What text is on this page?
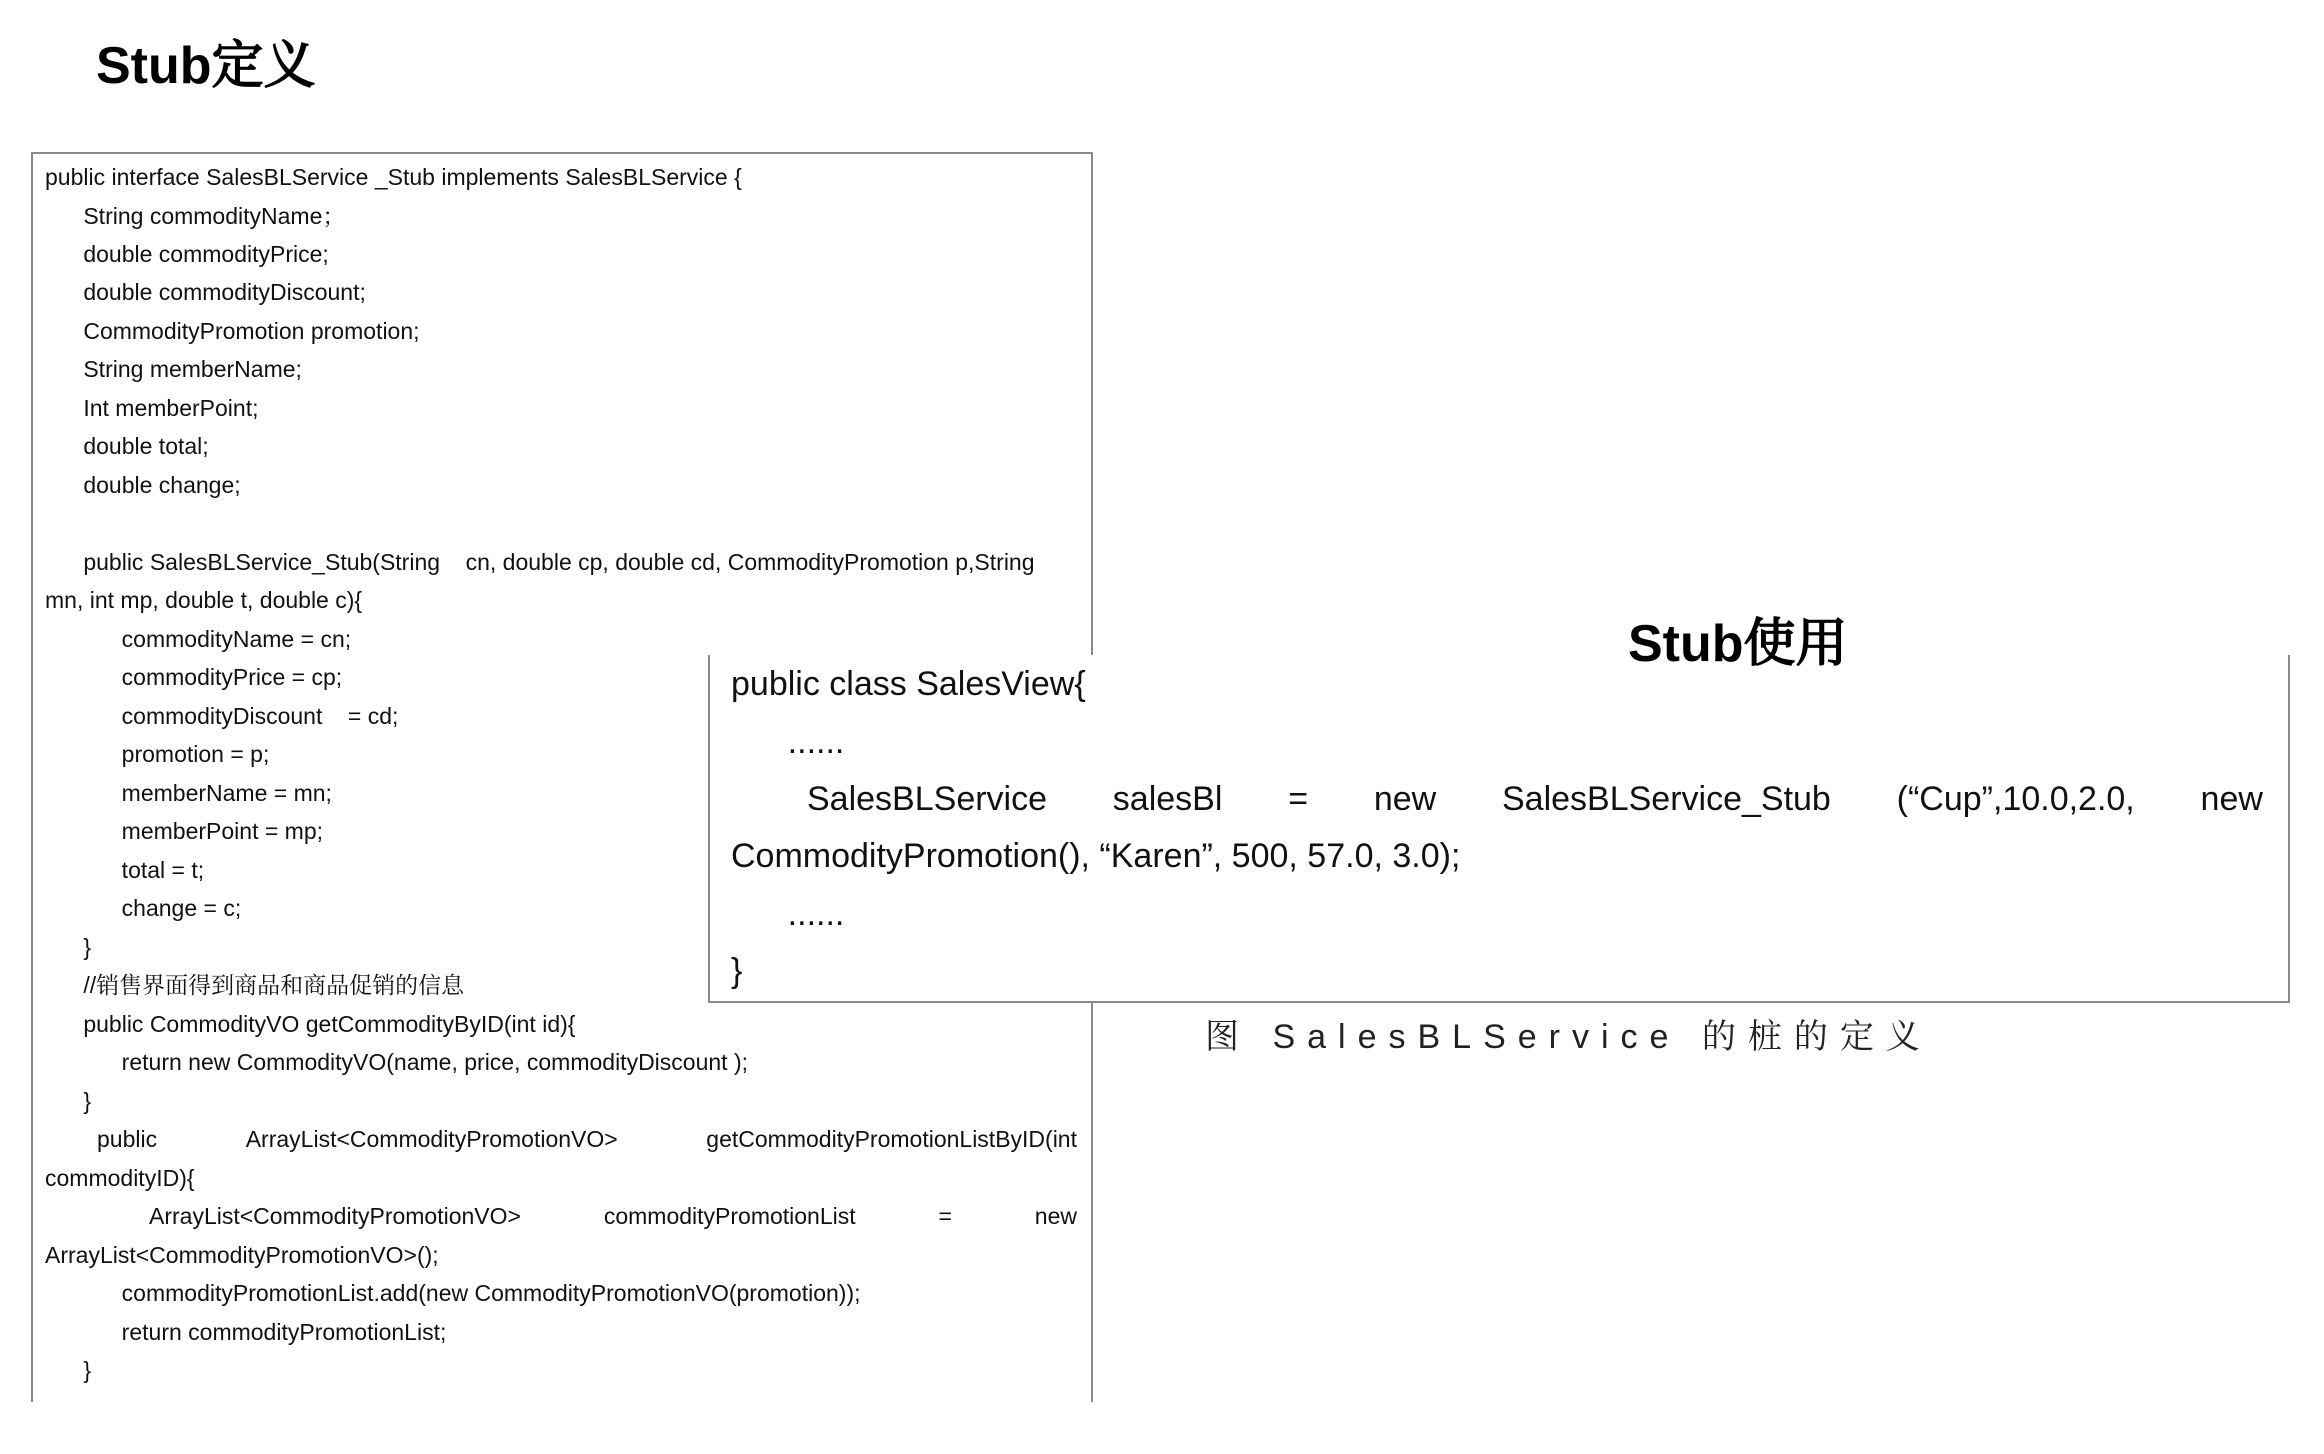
Stub定义
public interface SalesBLService _Stub implements SalesBLService {
String commodityName；
double commodityPrice;
double commodityDiscount;
CommodityPromotion promotion;
String memberName;
Int memberPoint;
double total;
double change;
public SalesBLService_Stub(String    cn, double cp, double cd, CommodityPromotion p,String
mn, int mp, double t, double c){
commodityName = cn;
commodityPrice = cp;
commodityDiscount    = cd;
promotion = p;
memberName = mn;
memberPoint = mp;
total = t;
change = c;
}
//销售界面得到商品和商品促销的信息
public CommodityVO getCommodityByID(int id){
return new CommodityVO(name, price, commodityDiscount );
}
public	ArrayList<CommodityPromotionVO>	getCommodityPromotionListByID(int
commodityID){
ArrayList<CommodityPromotionVO>	commodityPromotionList	=	new
ArrayList<CommodityPromotionVO>();
commodityPromotionList.add(new CommodityPromotionVO(promotion));
return commodityPromotionList;
}
图 SalesBLService 的桩的定义
public class SalesView{
......
SalesBLService salesBl = new SalesBLService_Stub (“Cup”,10.0,2.0, new
CommodityPromotion(), “Karen”, 500, 57.0, 3.0);
......
}
Stub使用
